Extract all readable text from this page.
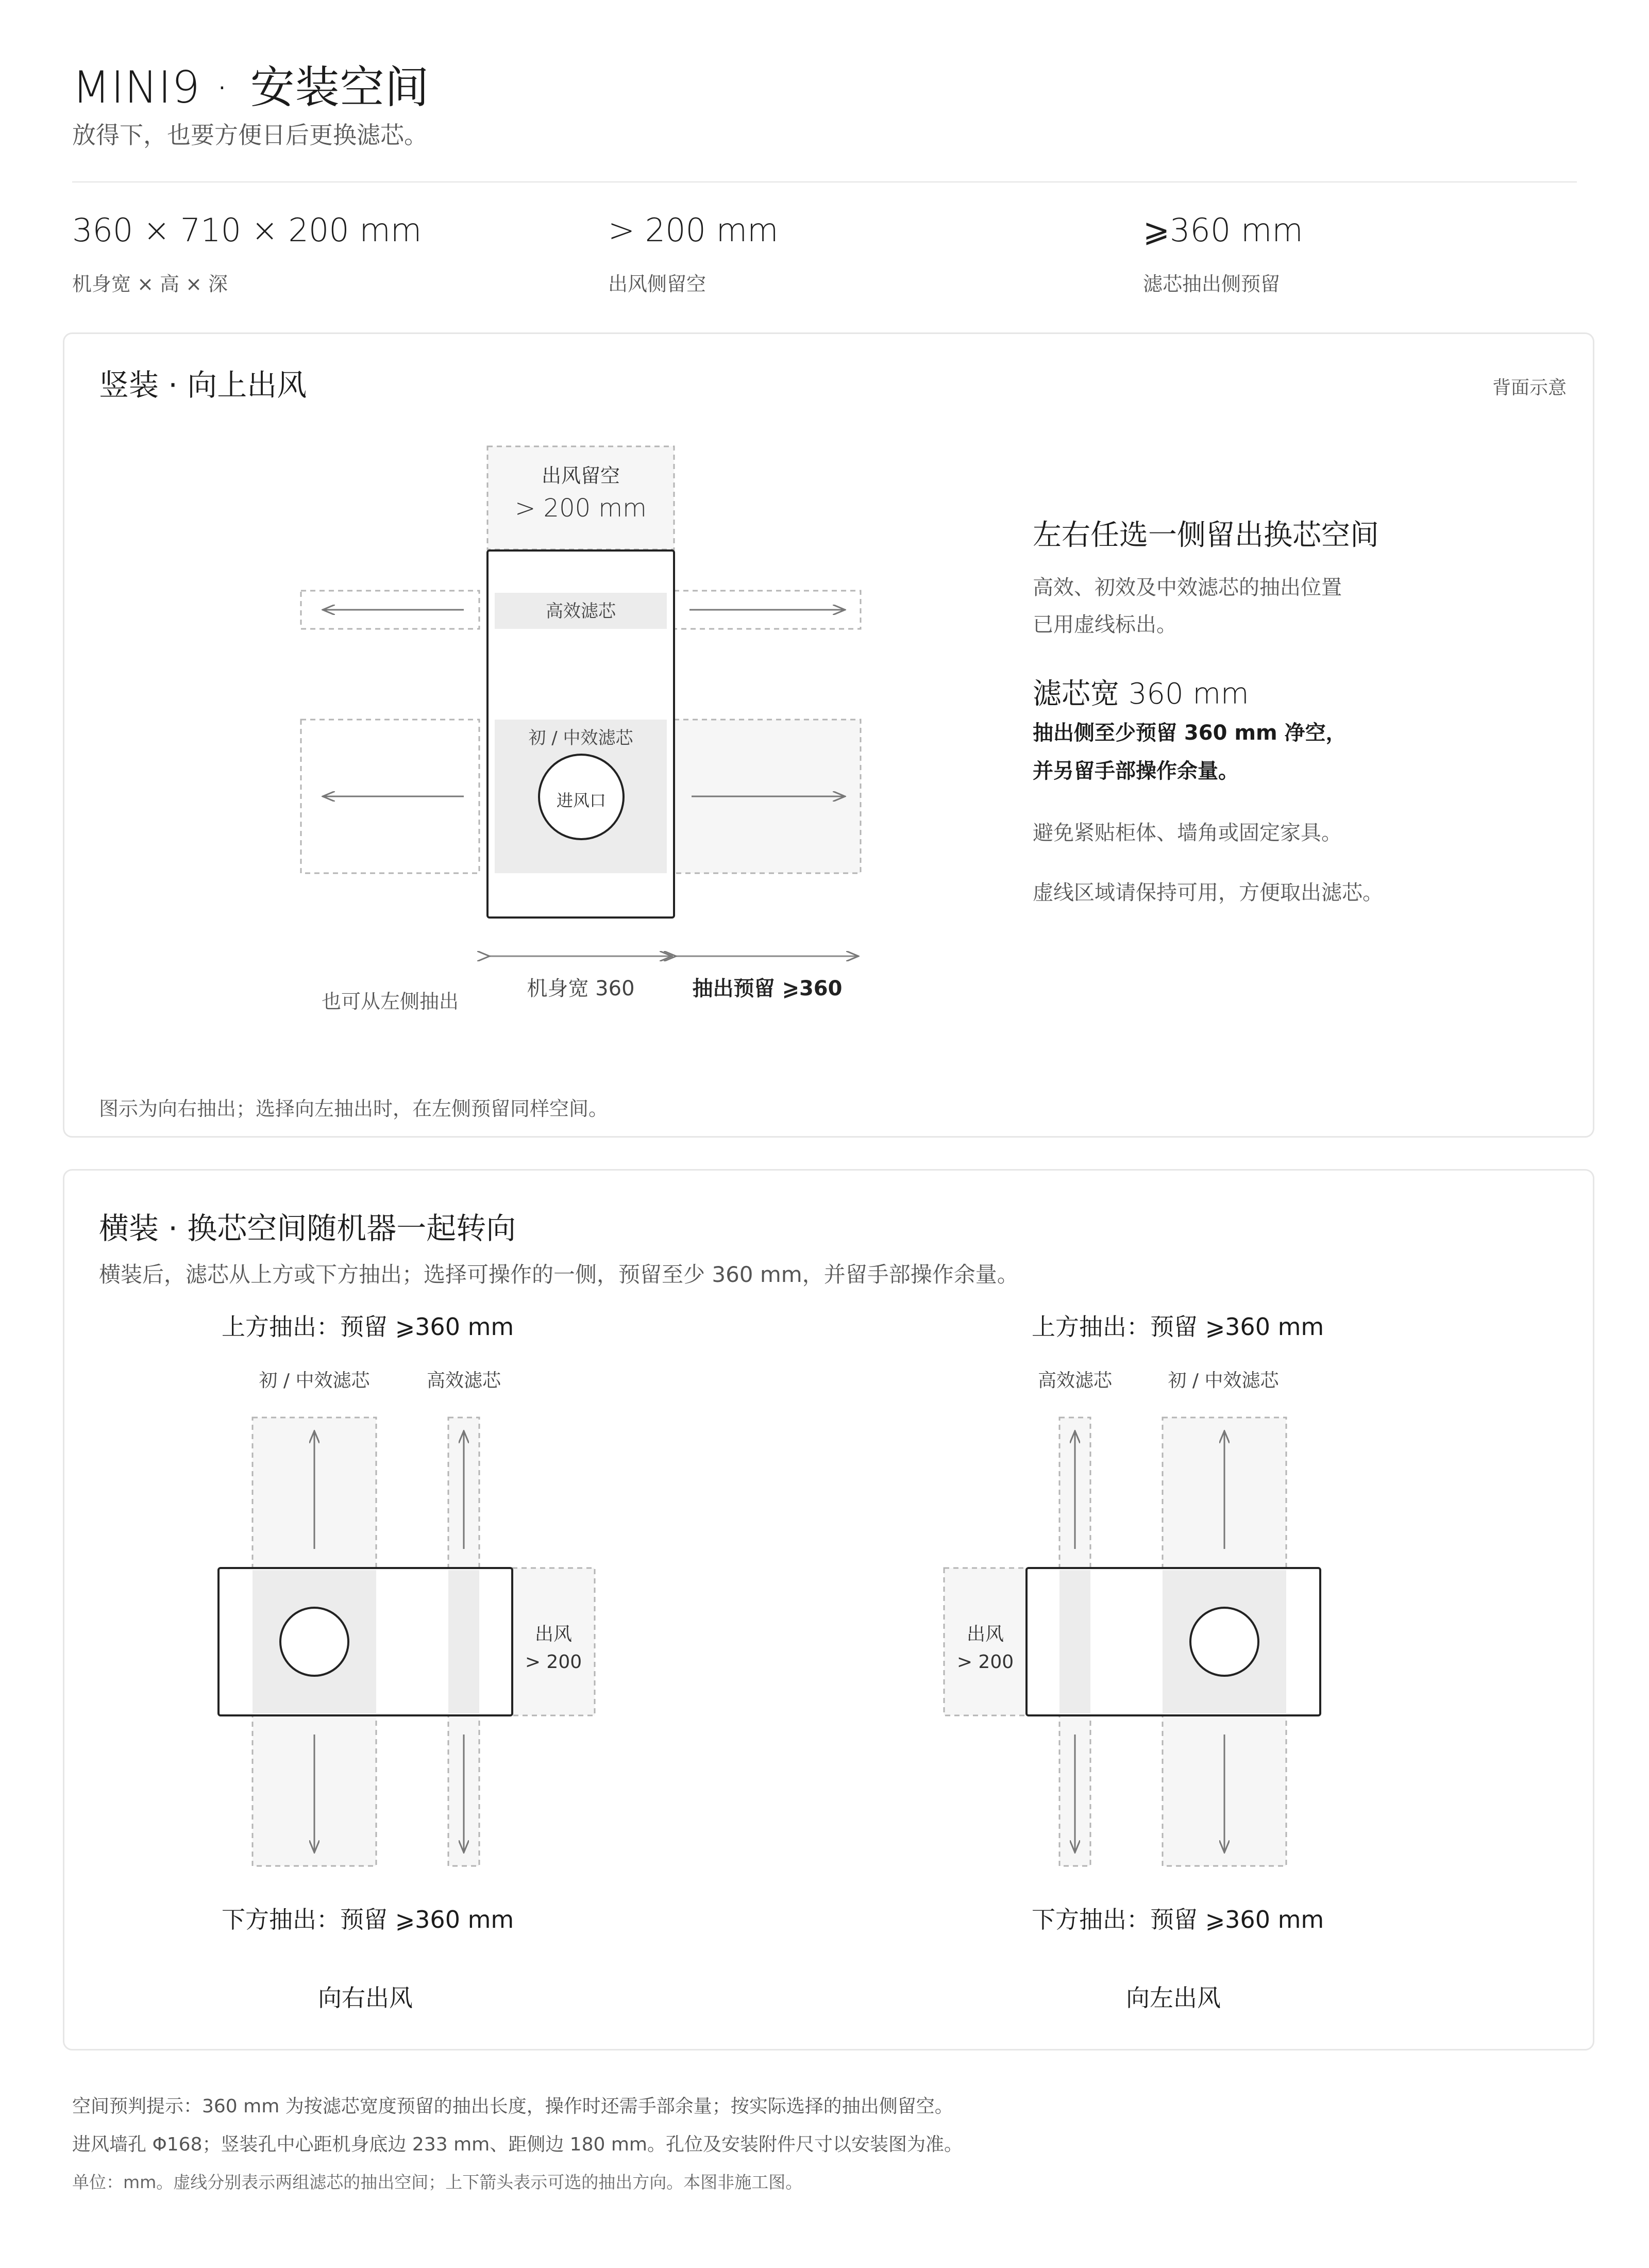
MINI9 · 安装空间
放得下，也要方便日后更换滤芯。
360 × 710 × 200 mm
机身宽 × 高 × 深
> 200 mm
出风侧留空
⩾360 mm
滤芯抽出侧预留
竖装 · 向上出风	背面示意
出风留空
> 200 mm
高效滤芯
初 / 中效滤芯
进风口
也可从左侧抽出
机身宽 360	抽出预留 ⩾360
左右任选一侧留出换芯空间
高效、初效及中效滤芯的抽出位置
已用虚线标出。
滤芯宽 360 mm
抽出侧至少预留 360 mm 净空，
并另留手部操作余量。
避免紧贴柜体、墙角或固定家具。
虚线区域请保持可用，方便取出滤芯。
图示为向右抽出；选择向左抽出时，在左侧预留同样空间。
横装 · 换芯空间随机器一起转向
横装后，滤芯从上方或下方抽出；选择可操作的一侧，预留至少 360 mm，并留手部操作余量。
上方抽出：预留 ⩾360 mm	上方抽出：预留 ⩾360 mm
下方抽出：预留 ⩾360 mm	下方抽出：预留 ⩾360 mm
初 / 中效滤芯	高效滤芯	高效滤芯	初 / 中效滤芯
出风
> 200
出风
> 200
向右出风	向左出风
空间预判提示：360 mm 为按滤芯宽度预留的抽出长度，操作时还需手部余量；按实际选择的抽出侧留空。
进风墙孔 Φ168；竖装孔中心距机身底边 233 mm、距侧边 180 mm。孔位及安装附件尺寸以安装图为准。
单位：mm。虚线分别表示两组滤芯的抽出空间；上下箭头表示可选的抽出方向。本图非施工图。
